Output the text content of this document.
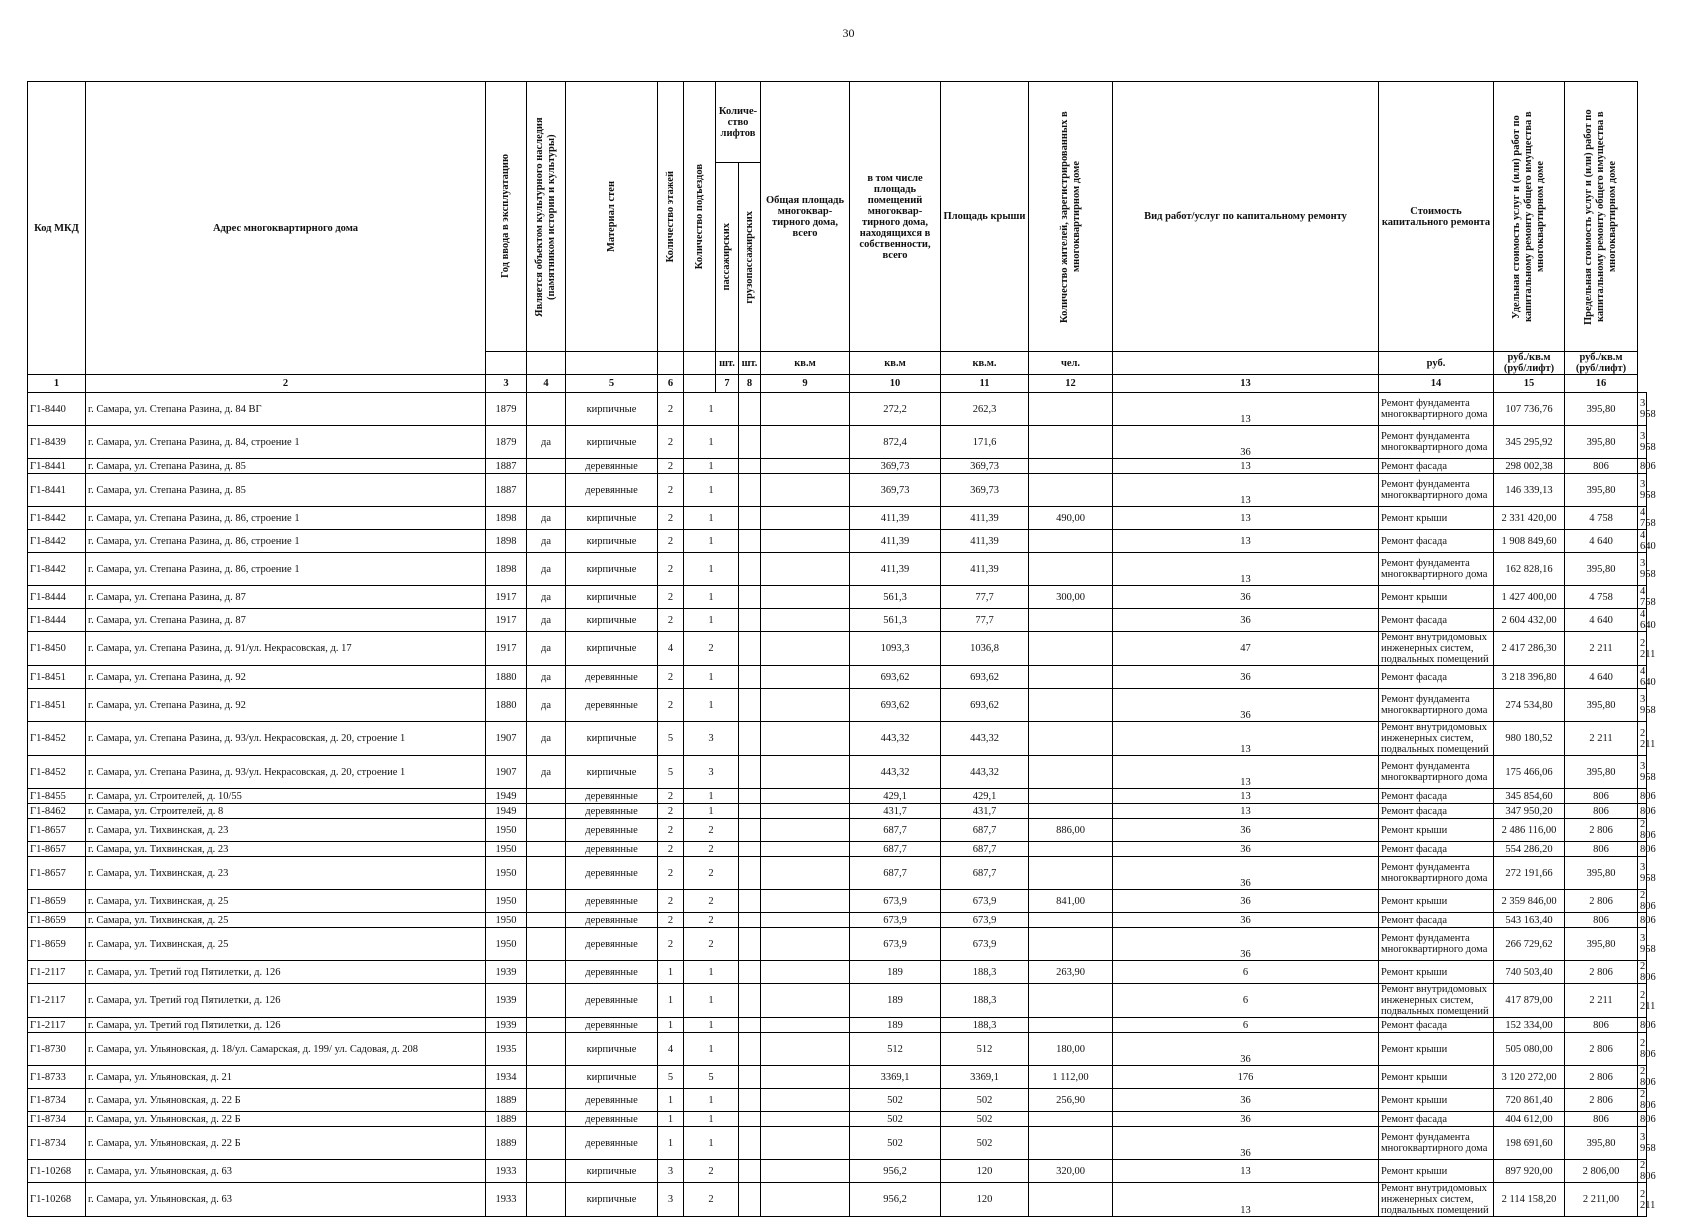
30
Код МКД	Адрес многоквартирного дома	Год ввода в эксплуатацию	Является объектом культурного наследия (памятником истории и культуры)	Материал стен	Количество этажей	Количество подъездов	Количе-ство лифтов		Общая площадь многоквар-тирного дома, всего	в том числе площадь помещений многоквар-тирного дома, находящихся в собственности, всего	Площадь крыши	Количество жителей, зарегистрированных в многоквартирном доме	Вид работ/услуг по капитальному ремонту	Стоимость капитального ремонта	Удельная стоимость услуг и (или) работ по капитальному ремонту общего имущества в многоквартирном доме	Предельная стоимость услуг и (или) работ по капитальному ремонту общего имущества в многоквартирном доме	

							пассажирских	грузопассажирских									

							шт.	шт.	кв.м	кв.м	кв.м.	чел.		руб.	руб./кв.м (руб/лифт)	руб./кв.м (руб/лифт)	
1	2	3	4	5	6		7	8	9	10	11	12	13	14	15	16	
Г1-8440	г. Самара, ул. Степана Разина, д. 84 ВГ	1879		кирпичные	2	1				272,2	262,3		13	Ремонт фундамента многоквартирного дома	107 736,76	395,80	3 958
Г1-8439	г. Самара, ул. Степана Разина, д. 84, строение 1	1879	да	кирпичные	2	1				872,4	171,6		36	Ремонт фундамента многоквартирного дома	345 295,92	395,80	3 958
Г1-8441	г. Самара, ул. Степана Разина, д. 85	1887		деревянные	2	1				369,73	369,73		13	Ремонт фасада	298 002,38	806	806
Г1-8441	г. Самара, ул. Степана Разина, д. 85	1887		деревянные	2	1				369,73	369,73		13	Ремонт фундамента многоквартирного дома	146 339,13	395,80	3 958
Г1-8442	г. Самара, ул. Степана Разина, д. 86, строение 1	1898	да	кирпичные	2	1				411,39	411,39	490,00	13	Ремонт крыши	2 331 420,00	4 758	4 758
Г1-8442	г. Самара, ул. Степана Разина, д. 86, строение 1	1898	да	кирпичные	2	1				411,39	411,39		13	Ремонт фасада	1 908 849,60	4 640	4 640
Г1-8442	г. Самара, ул. Степана Разина, д. 86, строение 1	1898	да	кирпичные	2	1				411,39	411,39		13	Ремонт фундамента многоквартирного дома	162 828,16	395,80	3 958
Г1-8444	г. Самара, ул. Степана Разина, д. 87	1917	да	кирпичные	2	1				561,3	77,7	300,00	36	Ремонт крыши	1 427 400,00	4 758	4 758
Г1-8444	г. Самара, ул. Степана Разина, д. 87	1917	да	кирпичные	2	1				561,3	77,7		36	Ремонт фасада	2 604 432,00	4 640	4 640
Г1-8450	г. Самара, ул. Степана Разина, д. 91/ул. Некрасовская, д. 17	1917	да	кирпичные	4	2				1093,3	1036,8		47	Ремонт внутридомовых инженерных систем, подвальных помещений	2 417 286,30	2 211	2 211
Г1-8451	г. Самара, ул. Степана Разина, д. 92	1880	да	деревянные	2	1				693,62	693,62		36	Ремонт фасада	3 218 396,80	4 640	4 640
Г1-8451	г. Самара, ул. Степана Разина, д. 92	1880	да	деревянные	2	1				693,62	693,62		36	Ремонт фундамента многоквартирного дома	274 534,80	395,80	3 958
Г1-8452	г. Самара, ул. Степана Разина, д. 93/ул. Некрасовская, д. 20, строение 1	1907	да	кирпичные	5	3				443,32	443,32		13	Ремонт внутридомовых инженерных систем, подвальных помещений	980 180,52	2 211	2 211
Г1-8452	г. Самара, ул. Степана Разина, д. 93/ул. Некрасовская, д. 20, строение 1	1907	да	кирпичные	5	3				443,32	443,32		13	Ремонт фундамента многоквартирного дома	175 466,06	395,80	3 958
Г1-8455	г. Самара, ул. Строителей, д. 10/55	1949		деревянные	2	1				429,1	429,1		13	Ремонт фасада	345 854,60	806	806
Г1-8462	г. Самара, ул. Строителей, д. 8	1949		деревянные	2	1				431,7	431,7		13	Ремонт фасада	347 950,20	806	806
Г1-8657	г. Самара, ул. Тихвинская, д. 23	1950		деревянные	2	2				687,7	687,7	886,00	36	Ремонт крыши	2 486 116,00	2 806	2 806
Г1-8657	г. Самара, ул. Тихвинская, д. 23	1950		деревянные	2	2				687,7	687,7		36	Ремонт фасада	554 286,20	806	806
Г1-8657	г. Самара, ул. Тихвинская, д. 23	1950		деревянные	2	2				687,7	687,7		36	Ремонт фундамента многоквартирного дома	272 191,66	395,80	3 958
Г1-8659	г. Самара, ул. Тихвинская, д. 25	1950		деревянные	2	2				673,9	673,9	841,00	36	Ремонт крыши	2 359 846,00	2 806	2 806
Г1-8659	г. Самара, ул. Тихвинская, д. 25	1950		деревянные	2	2				673,9	673,9		36	Ремонт фасада	543 163,40	806	806
Г1-8659	г. Самара, ул. Тихвинская, д. 25	1950		деревянные	2	2				673,9	673,9		36	Ремонт фундамента многоквартирного дома	266 729,62	395,80	3 958
Г1-2117	г. Самара, ул. Третий год Пятилетки, д. 126	1939		деревянные	1	1				189	188,3	263,90	6	Ремонт крыши	740 503,40	2 806	2 806
Г1-2117	г. Самара, ул. Третий год Пятилетки, д. 126	1939		деревянные	1	1				189	188,3		6	Ремонт внутридомовых инженерных систем, подвальных помещений	417 879,00	2 211	2 211
Г1-2117	г. Самара, ул. Третий год Пятилетки, д. 126	1939		деревянные	1	1				189	188,3		6	Ремонт фасада	152 334,00	806	806
Г1-8730	г. Самара, ул. Ульяновская, д. 18/ул. Самарская, д. 199/ ул. Садовая, д. 208	1935		кирпичные	4	1				512	512	180,00	36	Ремонт крыши	505 080,00	2 806	2 806
Г1-8733	г. Самара, ул. Ульяновская, д. 21	1934		кирпичные	5	5				3369,1	3369,1	1 112,00	176	Ремонт крыши	3 120 272,00	2 806	2 806
Г1-8734	г. Самара, ул. Ульяновская, д. 22 Б	1889		деревянные	1	1				502	502	256,90	36	Ремонт крыши	720 861,40	2 806	2 806
Г1-8734	г. Самара, ул. Ульяновская, д. 22 Б	1889		деревянные	1	1				502	502		36	Ремонт фасада	404 612,00	806	806
Г1-8734	г. Самара, ул. Ульяновская, д. 22 Б	1889		деревянные	1	1				502	502		36	Ремонт фундамента многоквартирного дома	198 691,60	395,80	3 958
Г1-10268	г. Самара, ул. Ульяновская, д. 63	1933		кирпичные	3	2				956,2	120	320,00	13	Ремонт крыши	897 920,00	2 806,00	2 806
Г1-10268	г. Самара, ул. Ульяновская, д. 63	1933		кирпичные	3	2				956,2	120		13	Ремонт внутридомовых инженерных систем, подвальных помещений	2 114 158,20	2 211,00	2 211
